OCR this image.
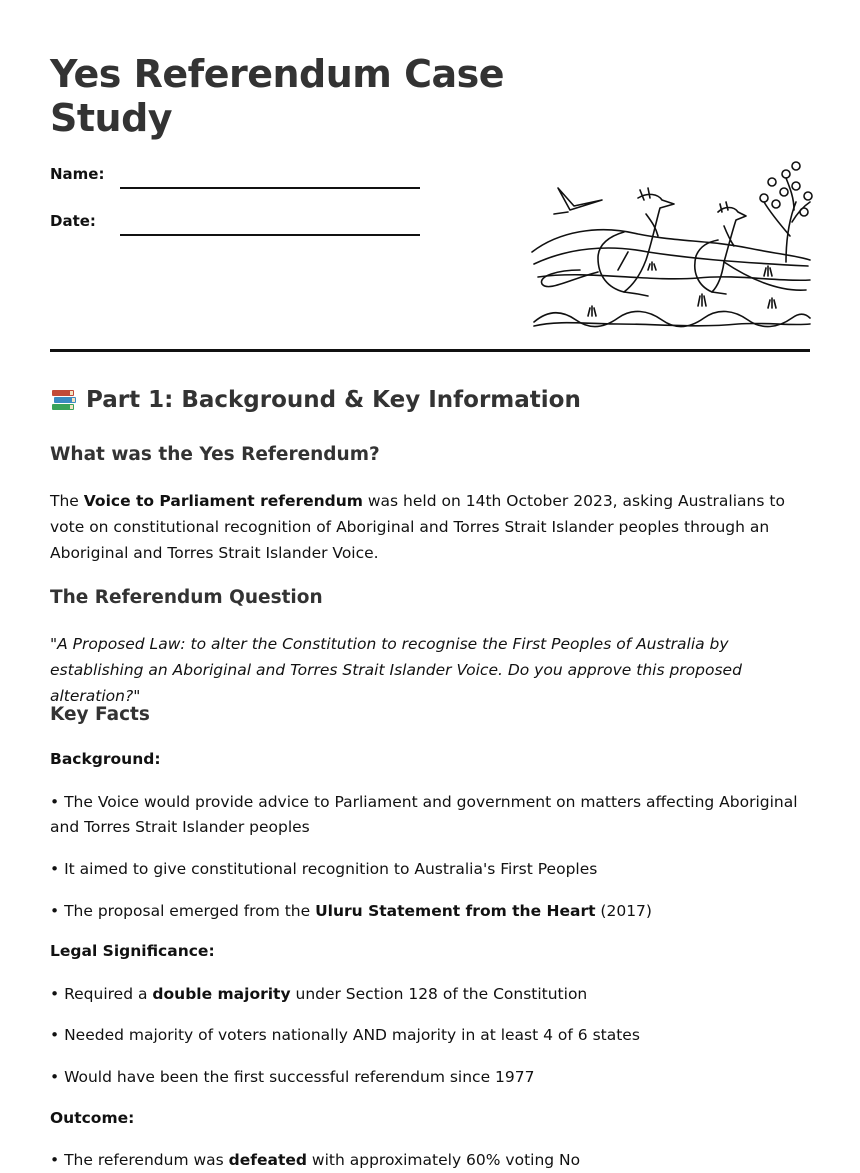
Yes Referendum Case Study
Name:
Date:
Part 1: Background & Key Information
What was the Yes Referendum?

The Voice to Parliament referendum was held on 14th October 2023, asking Australians to vote on constitutional recognition of Aboriginal and Torres Strait Islander peoples through an Aboriginal and Torres Strait Islander Voice.

The Referendum Question

"A Proposed Law: to alter the Constitution to recognise the First Peoples of Australia by establishing an Aboriginal and Torres Strait Islander Voice. Do you approve this proposed alteration?"

Key Facts

Background:

• The Voice would provide advice to Parliament and government on matters affecting Aboriginal and Torres Strait Islander peoples

• It aimed to give constitutional recognition to Australia's First Peoples

• The proposal emerged from the Uluru Statement from the Heart (2017)

Legal Significance:

• Required a double majority under Section 128 of the Constitution

• Needed majority of voters nationally AND majority in at least 4 of 6 states

• Would have been the first successful referendum since 1977

Outcome:

• The referendum was defeated with approximately 60% voting No
